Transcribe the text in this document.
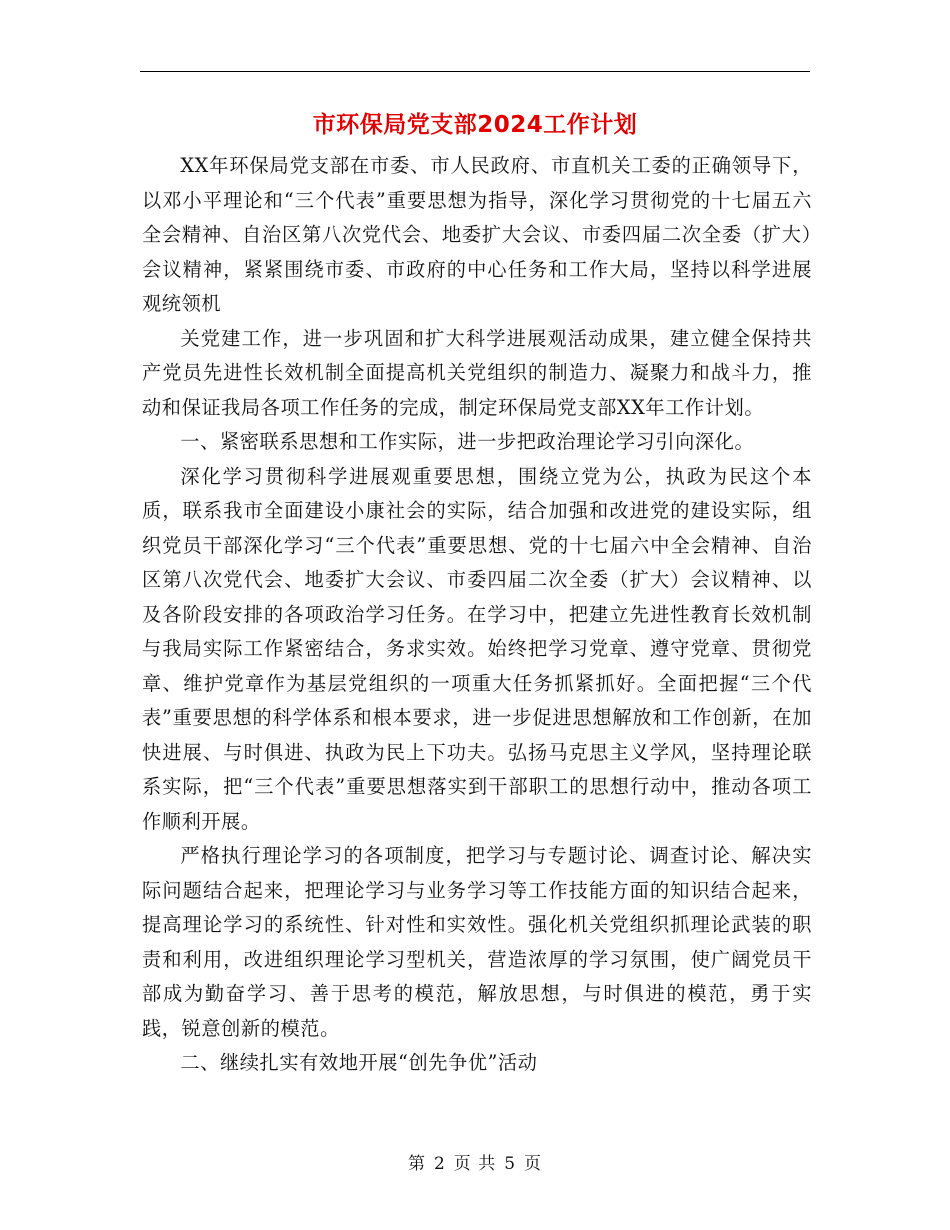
市环保局党支部2024工作计划

XX年环保局党支部在市委、市人民政府、市直机关工委的正确领导下，以邓小平理论和“三个代表”重要思想为指导，深化学习贯彻党的十七届五六全会精神、自治区第八次党代会、地委扩大会议、市委四届二次全委（扩大）会议精神，紧紧围绕市委、市政府的中心任务和工作大局，坚持以科学进展观统领机

关党建工作，进一步巩固和扩大科学进展观活动成果，建立健全保持共产党员先进性长效机制全面提高机关党组织的制造力、凝聚力和战斗力，推动和保证我局各项工作任务的完成，制定环保局党支部XX年工作计划。

一、紧密联系思想和工作实际，进一步把政治理论学习引向深化。

深化学习贯彻科学进展观重要思想，围绕立党为公，执政为民这个本质，联系我市全面建设小康社会的实际，结合加强和改进党的建设实际，组织党员干部深化学习“三个代表”重要思想、党的十七届六中全会精神、自治区第八次党代会、地委扩大会议、市委四届二次全委（扩大）会议精神、以及各阶段安排的各项政治学习任务。在学习中，把建立先进性教育长效机制与我局实际工作紧密结合，务求实效。始终把学习党章、遵守党章、贯彻党章、维护党章作为基层党组织的一项重大任务抓紧抓好。全面把握“三个代表”重要思想的科学体系和根本要求，进一步促进思想解放和工作创新，在加快进展、与时俱进、执政为民上下功夫。弘扬马克思主义学风，坚持理论联系实际，把“三个代表”重要思想落实到干部职工的思想行动中，推动各项工作顺利开展。

严格执行理论学习的各项制度，把学习与专题讨论、调查讨论、解决实际问题结合起来，把理论学习与业务学习等工作技能方面的知识结合起来，提高理论学习的系统性、针对性和实效性。强化机关党组织抓理论武装的职责和利用，改进组织理论学习型机关，营造浓厚的学习氛围，使广阔党员干部成为勤奋学习、善于思考的模范，解放思想，与时俱进的模范，勇于实践，锐意创新的模范。

二、继续扎实有效地开展“创先争优”活动

第 2 页 共 5 页
